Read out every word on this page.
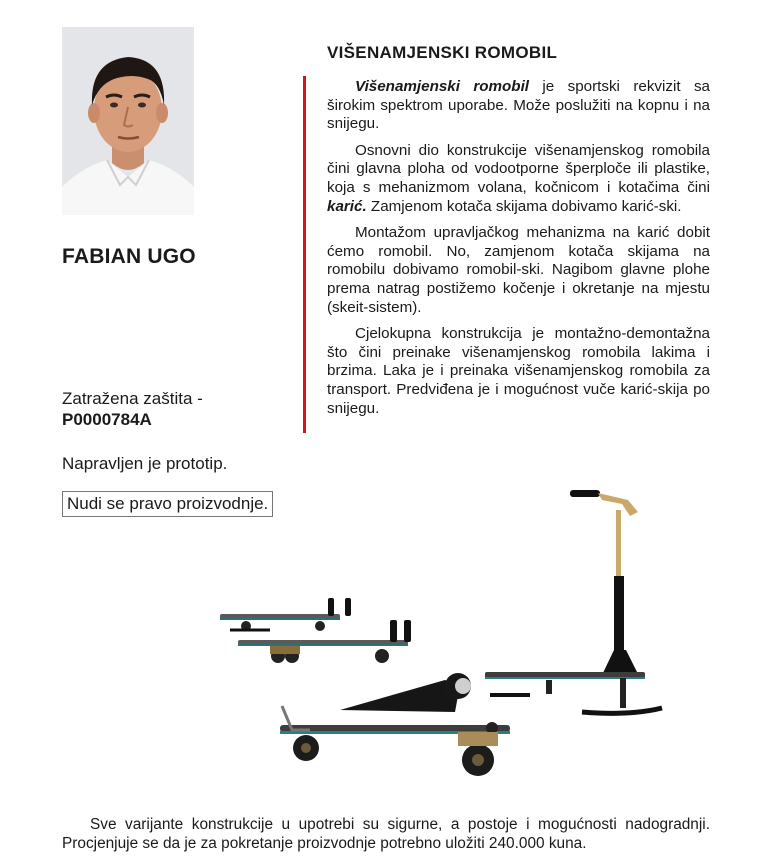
FABIAN UGO
Zatražena zaštita -
P0000784A
Napravljen je prototip.
Nudi se pravo proizvodnje.
VIŠENAMJENSKI ROMOBIL

Višenamjenski romobil je sportski rekvizit sa širokim spektrom uporabe. Može poslužiti na kopnu i na snijegu.

Osnovni dio konstrukcije višenamjenskog romobila čini glavna ploha od vodootporne šperploče ili plastike, koja s mehanizmom volana, kočnicom i kotačima čini karić. Zamjenom kotača skijama dobivamo karić-ski.

Montažom upravljačkog mehanizma na karić dobit ćemo romobil. No, zamjenom kotača skijama na romobilu dobivamo romobil-ski. Nagibom glavne plohe prema natrag postižemo kočenje i okretanje na mjestu (skeit-sistem).

Cjelokupna konstrukcija je montažno-demontažna što čini preinake višenamjenskog romobila lakima i brzima. Laka je i preinaka višenamjenskog romobila za transport. Predviđena je i mogućnost vuče karić-skija po snijegu.

Sve varijante konstrukcije u upotrebi su sigurne, a postoje i mogućnosti nadogradnji. Procjenjuje se da je za pokretanje proizvodnje potrebno uložiti 240.000 kuna.
